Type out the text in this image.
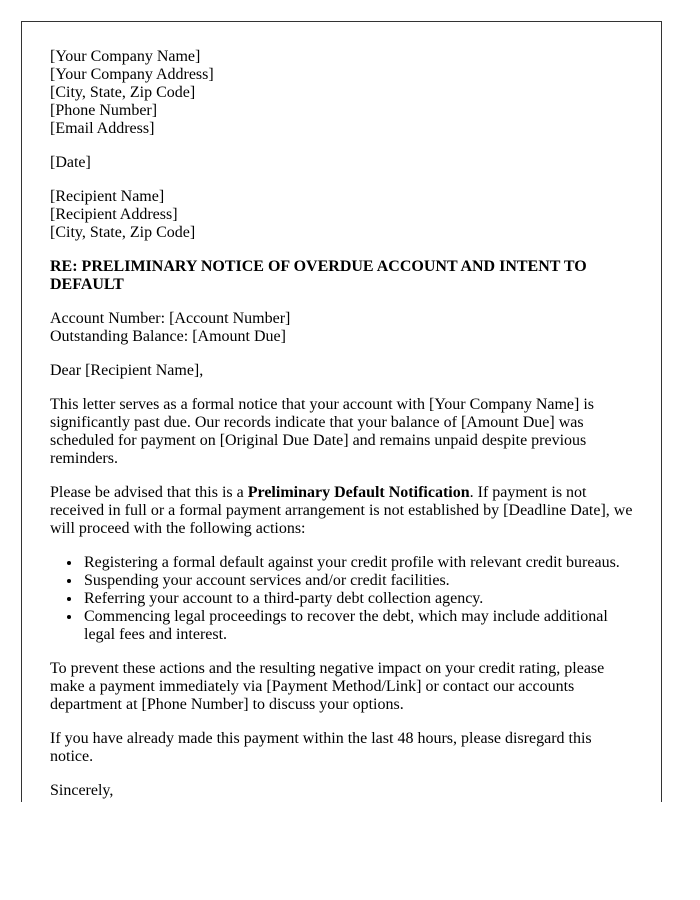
[Your Company Name]
[Your Company Address]
[City, State, Zip Code]
[Phone Number]
[Email Address]

[Date]

[Recipient Name]
[Recipient Address]
[City, State, Zip Code]

RE: PRELIMINARY NOTICE OF OVERDUE ACCOUNT AND INTENT TO DEFAULT

Account Number: [Account Number]
Outstanding Balance: [Amount Due]

Dear [Recipient Name],

This letter serves as a formal notice that your account with [Your Company Name] is significantly past due. Our records indicate that your balance of [Amount Due] was scheduled for payment on [Original Due Date] and remains unpaid despite previous reminders.

Please be advised that this is a Preliminary Default Notification. If payment is not received in full or a formal payment arrangement is not established by [Deadline Date], we will proceed with the following actions:

• Registering a formal default against your credit profile with relevant credit bureaus.
• Suspending your account services and/or credit facilities.
• Referring your account to a third-party debt collection agency.
• Commencing legal proceedings to recover the debt, which may include additional legal fees and interest.

To prevent these actions and the resulting negative impact on your credit rating, please make a payment immediately via [Payment Method/Link] or contact our accounts department at [Phone Number] to discuss your options.

If you have already made this payment within the last 48 hours, please disregard this notice.

Sincerely,
